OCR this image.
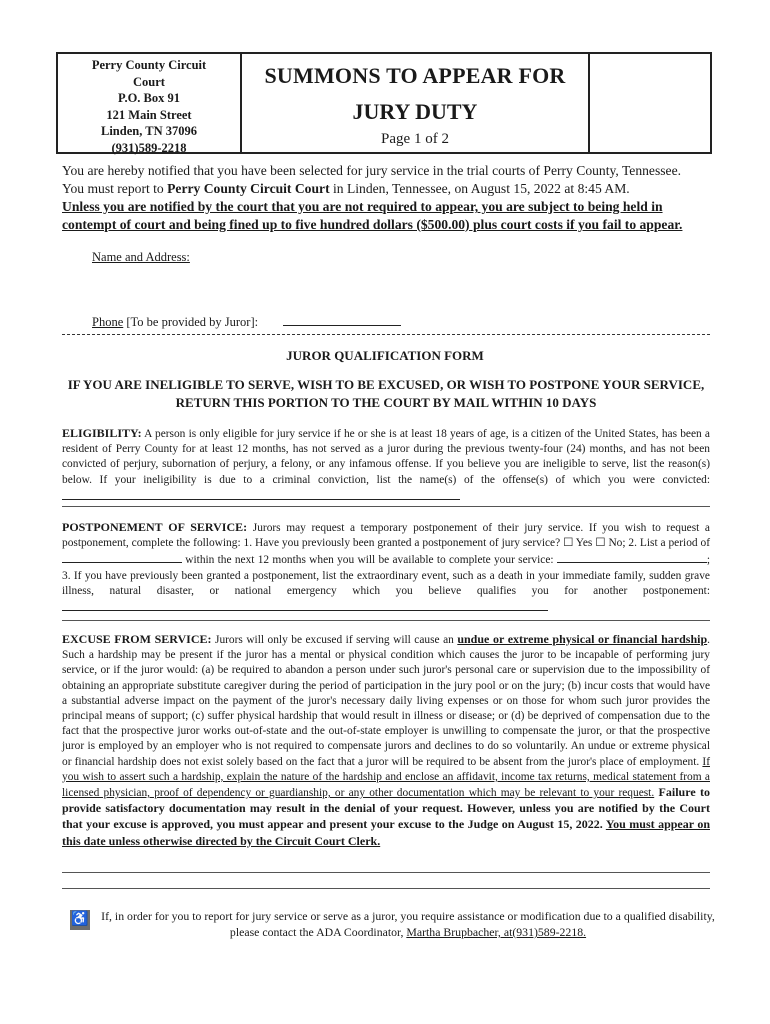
Perry County Circuit
Court
P.O. Box 91
121 Main Street
Linden, TN 37096
(931)589-2218
SUMMONS TO APPEAR FOR
JURY DUTY
Page 1 of 2
You are hereby notified that you have been selected for jury service in the trial courts of Perry County, Tennessee.
You must report to Perry County Circuit Court in Linden, Tennessee, on August 15, 2022 at 8:45 AM.
Unless you are notified by the court that you are not required to appear, you are subject to being held in contempt of court and being fined up to five hundred dollars ($500.00) plus court costs if you fail to appear.
Name and Address:
Phone [To be provided by Juror]:
JUROR QUALIFICATION FORM
IF YOU ARE INELIGIBLE TO SERVE, WISH TO BE EXCUSED, OR WISH TO POSTPONE YOUR SERVICE, RETURN THIS PORTION TO THE COURT BY MAIL WITHIN 10 DAYS
ELIGIBILITY: A person is only eligible for jury service if he or she is at least 18 years of age, is a citizen of the United States, has been a resident of Perry County for at least 12 months, has not served as a juror during the previous twenty-four (24) months, and has not been convicted of perjury, subornation of perjury, a felony, or any infamous offense. If you believe you are ineligible to serve, list the reason(s) below. If your ineligibility is due to a criminal conviction, list the name(s) of the offense(s) of which you were convicted:
POSTPONEMENT OF SERVICE: Jurors may request a temporary postponement of their jury service. If you wish to request a postponement, complete the following: 1. Have you previously been granted a postponement of jury service? ☐ Yes ☐ No; 2. List a period of  within the next 12 months when you will be available to complete your service:	; 3. If you have previously been granted a postponement, list the extraordinary event, such as a death in your immediate family, sudden grave illness, natural disaster, or national emergency which you believe qualifies you for another postponement:
EXCUSE FROM SERVICE: Jurors will only be excused if serving will cause an undue or extreme physical or financial hardship. Such a hardship may be present if the juror has a mental or physical condition which causes the juror to be incapable of performing jury service, or if the juror would: (a) be required to abandon a person under such juror's personal care or supervision due to the impossibility of obtaining an appropriate substitute caregiver during the period of participation in the jury pool or on the jury; (b) incur costs that would have a substantial adverse impact on the payment of the juror's necessary daily living expenses or on those for whom such juror provides the principal means of support; (c) suffer physical hardship that would result in illness or disease; or (d) be deprived of compensation due to the fact that the prospective juror works out-of-state and the out-of-state employer is unwilling to compensate the juror, or that the prospective juror is employed by an employer who is not required to compensate jurors and declines to do so voluntarily. An undue or extreme physical or financial hardship does not exist solely based on the fact that a juror will be required to be absent from the juror's place of employment. If you wish to assert such a hardship, explain the nature of the hardship and enclose an affidavit, income tax returns, medical statement from a licensed physician, proof of dependency or guardianship, or any other documentation which may be relevant to your request. Failure to provide satisfactory documentation may result in the denial of your request. However, unless you are notified by the Court that your excuse is approved, you must appear and present your excuse to the Judge on August 15, 2022. You must appear on this date unless otherwise directed by the Circuit Court Clerk.
♿ If, in order for you to report for jury service or serve as a juror, you require assistance or modification due to a qualified disability, please contact the ADA Coordinator, Martha Brupbacher, at(931)589-2218.
